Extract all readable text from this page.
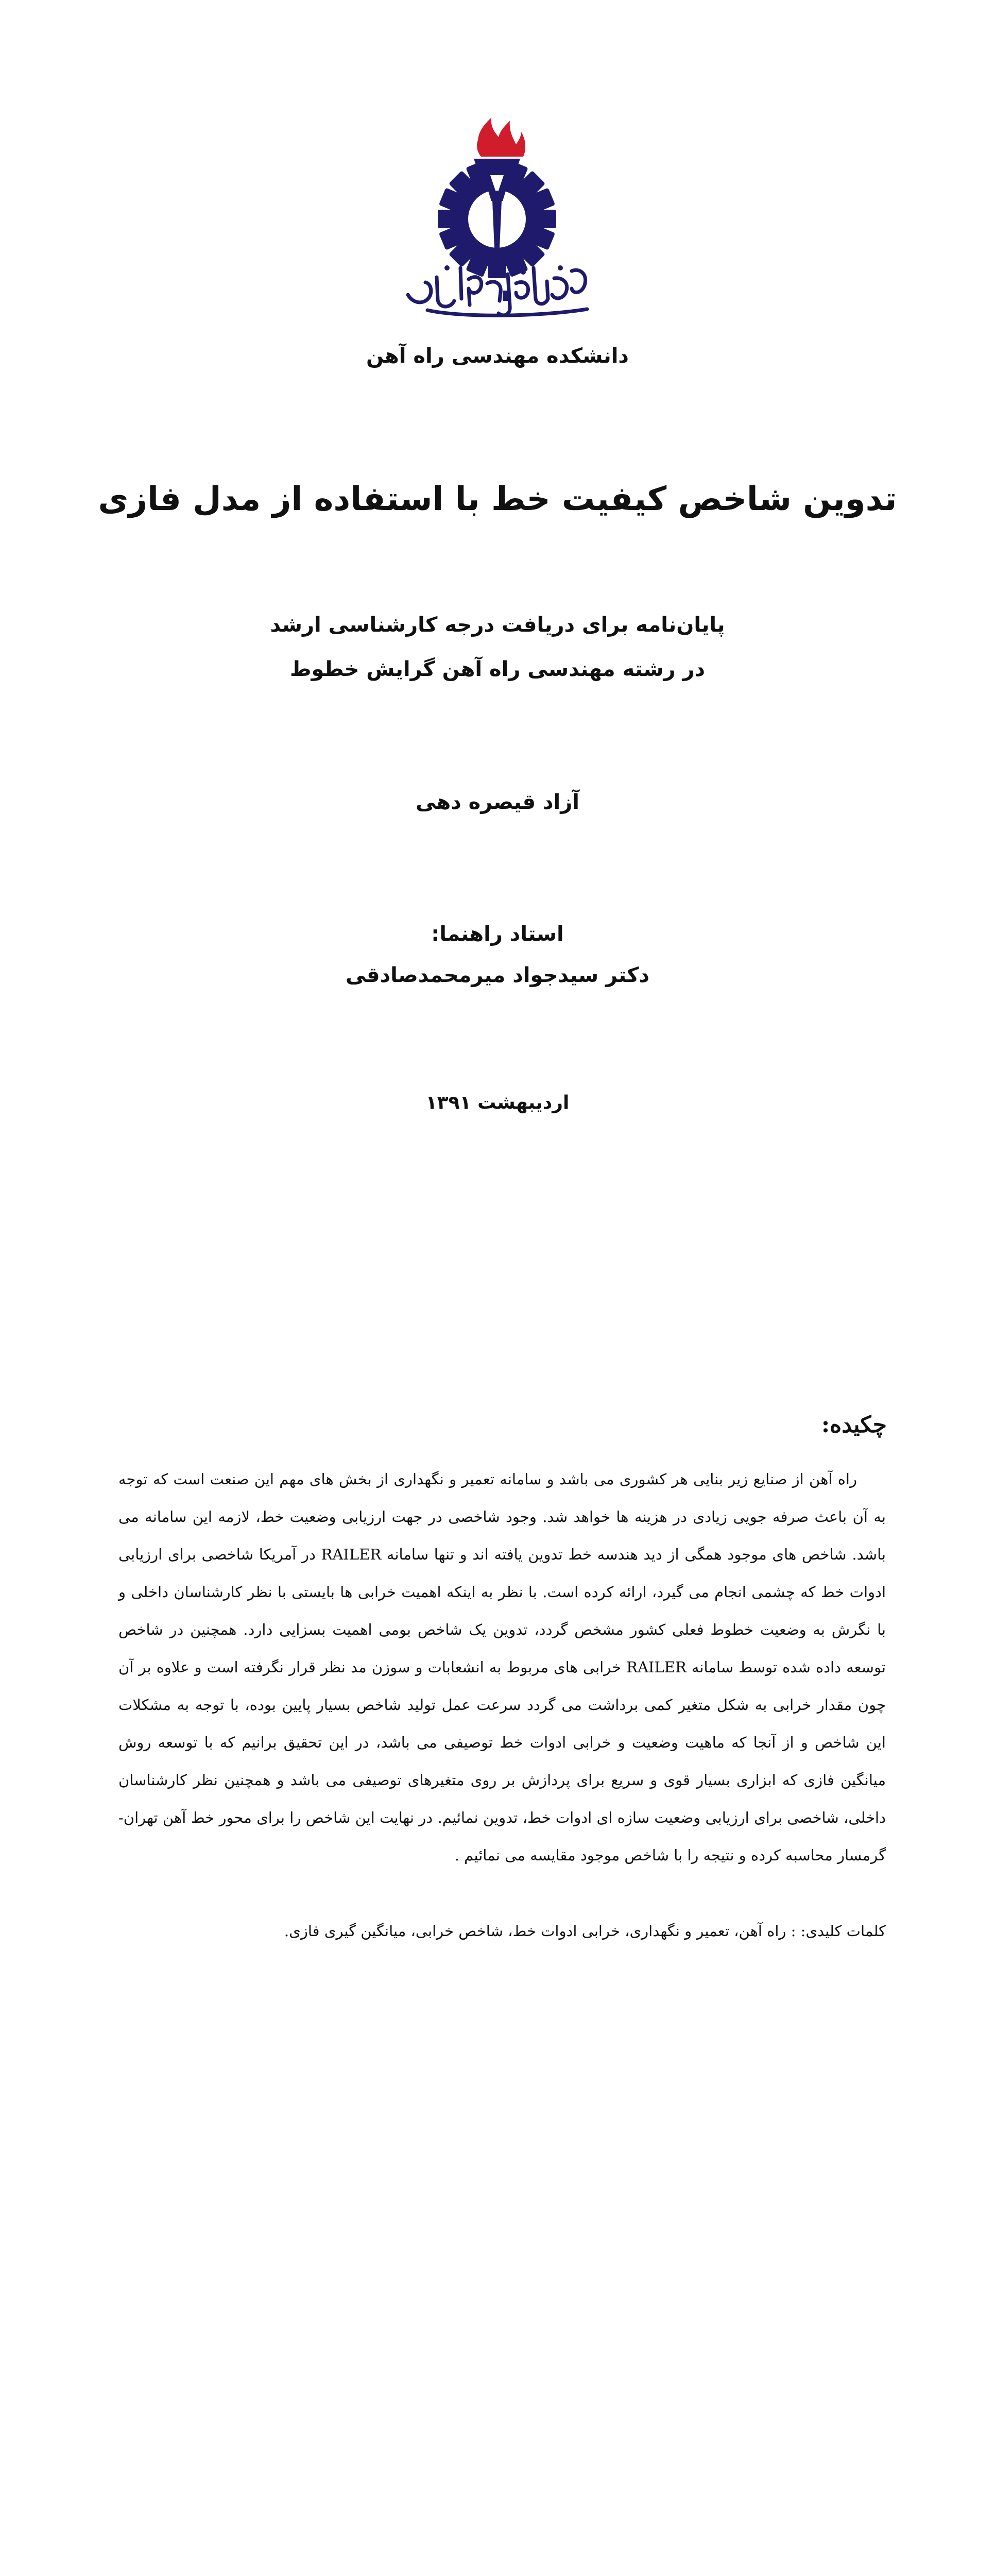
دانشکده مهندسی راه آهن

تدوین شاخص کیفیت خط با استفاده از مدل فازی

پایان‌نامه برای دریافت درجه کارشناسی ارشد

در رشته مهندسی راه آهن گرایش خطوط

آزاد قیصره دهی

استاد راهنما:

دکتر سیدجواد میرمحمدصادقی

اردیبهشت ۱۳۹۱

چکیده:

راه آهن از صنایع زیر بنایی هر کشوری می باشد و سامانه تعمیر و نگهداری از بخش های مهم این صنعت است که توجه به آن باعث صرفه جویی زیادی در هزینه ها خواهد شد. وجود شاخصی در جهت ارزیابی وضعیت خط، لازمه این سامانه می باشد. شاخص های موجود همگی از دید هندسه خط تدوین یافته اند و تنها سامانه RAILER در آمریکا شاخصی برای ارزیابی ادوات خط که چشمی انجام می گیرد، ارائه کرده است. با نظر به اینکه اهمیت خرابی ها بایستی با نظر کارشناسان داخلی و با نگرش به وضعیت خطوط فعلی کشور مشخص گردد، تدوین یک شاخص بومی اهمیت بسزایی دارد. همچنین در شاخص توسعه داده شده توسط سامانه RAILER خرابی های مربوط به انشعابات و سوزن مد نظر قرار نگرفته است و علاوه بر آن چون مقدار خرابی به شکل متغیر کمی برداشت می گردد سرعت عمل تولید شاخص بسیار پایین بوده، با توجه به مشکلات این شاخص و از آنجا که ماهیت وضعیت و خرابی ادوات خط توصیفی می باشد، در این تحقیق برانیم که با توسعه روش میانگین فازی که ابزاری بسیار قوی و سریع برای پردازش بر روی متغیرهای توصیفی می باشد و همچنین نظر کارشناسان داخلی، شاخصی برای ارزیابی وضعیت سازه ای ادوات خط، تدوین نمائیم. در نهایت این شاخص را برای محور خط آهن تهران-گرمسار محاسبه کرده و نتیجه را با شاخص موجود مقایسه می نمائیم .

کلمات کلیدی: : راه آهن، تعمیر و نگهداری، خرابی ادوات خط، شاخص خرابی، میانگین گیری فازی.
